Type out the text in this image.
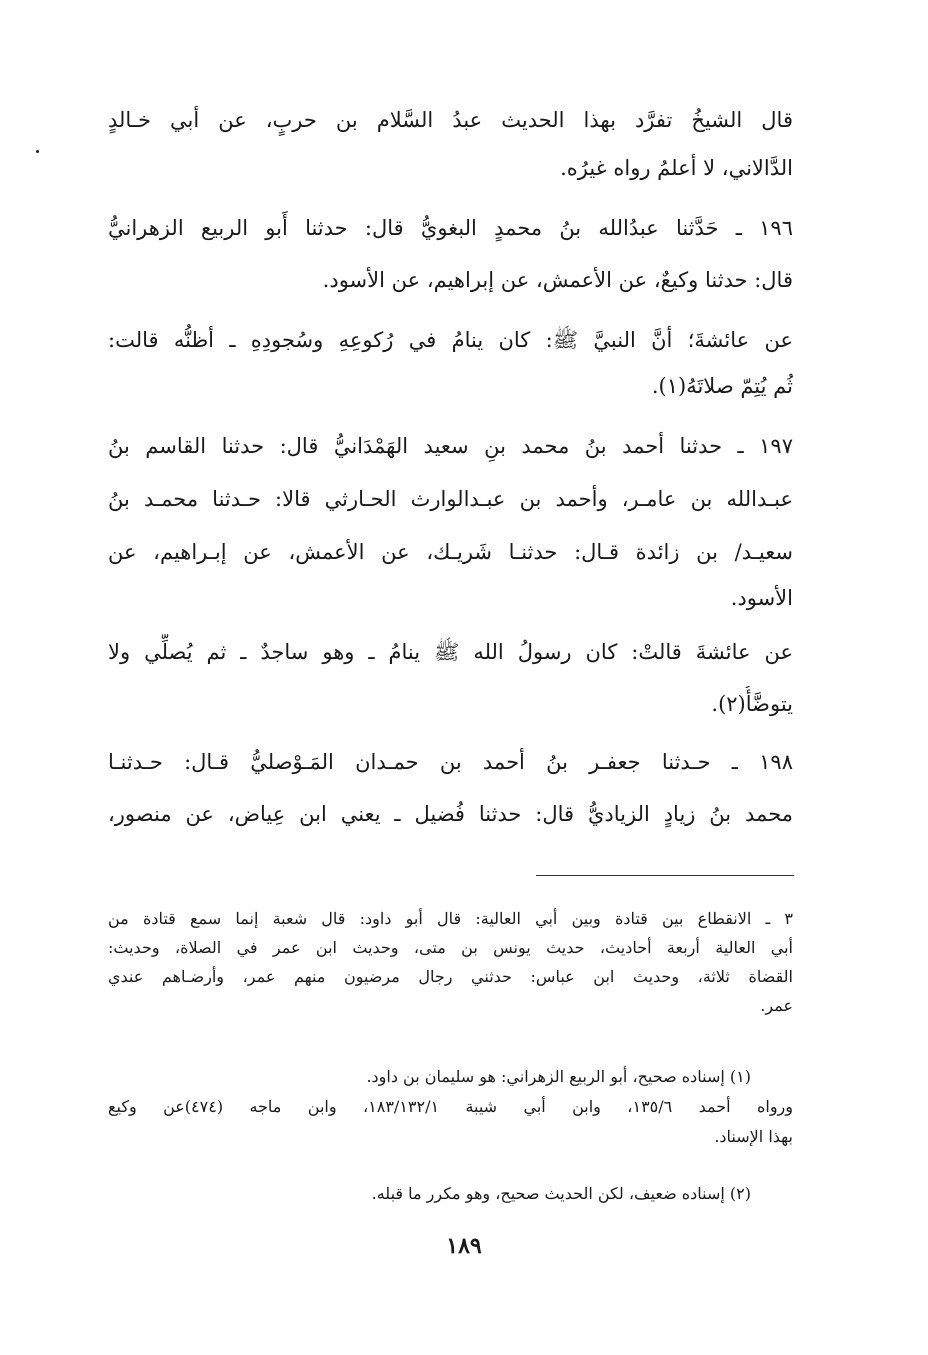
قال الشيخُ تفرَّد بهذا الحديث عبدُ السَّلام بن حربٍ، عن أبي خـالدٍ
الدَّالاني، لا أعلمُ رواه غيرُه.
١٩٦ ـ حَدَّثنا عبدُالله بنُ محمدٍ البغويُّ قال: حدثنا أَبو الربيع الزهرانيُّ
قال: حدثنا وكيعٌ، عن الأعمش، عن إبراهيم، عن الأسود.
عن عائشةَ؛ أنَّ النبيَّ ﷺ: كان ينامُ في رُكوعِهِ وسُجودِهِ ـ أظنُّه قالت:
ثُم يُتِمّ صلاتَهُ(١).
١٩٧ ـ حدثنا أحمد بنُ محمد بنِ سعيد الهَمْدَانيُّ قال: حدثنا القاسم بنُ
عبـدالله بن عامـر، وأحمد بن عبـدالوارث الحـارثي قالا: حـدثنا محمـد بنُ
سعيـد/ بن زائدة قـال: حدثنـا شَريـك، عن الأعمش، عن إبـراهيم، عن
الأسود.
عن عائشةَ قالتْ: كان رسولُ الله ﷺ ينامُ ـ وهو ساجدٌ ـ ثم يُصلِّي ولا
يتوضَّأُ(٢).
١٩٨ ـ حـدثنا جعفـر بنُ أحمد بن حمـدان المَـوْصليُّ قـال: حـدثنـا
محمد بنُ زيادٍ الزياديُّ قال: حدثنا فُضيل ـ يعني ابن عِياض، عن منصور،
٣ ـ الانقطاع بين قتادة وبين أبي العالية: قال أبو داود: قال شعبة إنما سمع قتادة من
أبي العالية أربعة أحاديث، حديث يونس بن متى، وحديث ابن عمر في الصلاة، وحديث:
القضاة ثلاثة، وحديث ابن عباس: حدثني رجال مرضيون منهم عمر، وأرضـاهم عندي
عمر.
(١) إسناده صحيح، أبو الربيع الزهراني: هو سليمان بن داود.
ورواه أحمد ١٣٥/٦، وابن أبي شيبة ١٨٣/١٣٢/١، وابن ماجه (٤٧٤)عن وكيع
بهذا الإسناد.
(٢) إسناده ضعيف، لكن الحديث صحيح، وهو مكرر ما قبله.
١٨٩
